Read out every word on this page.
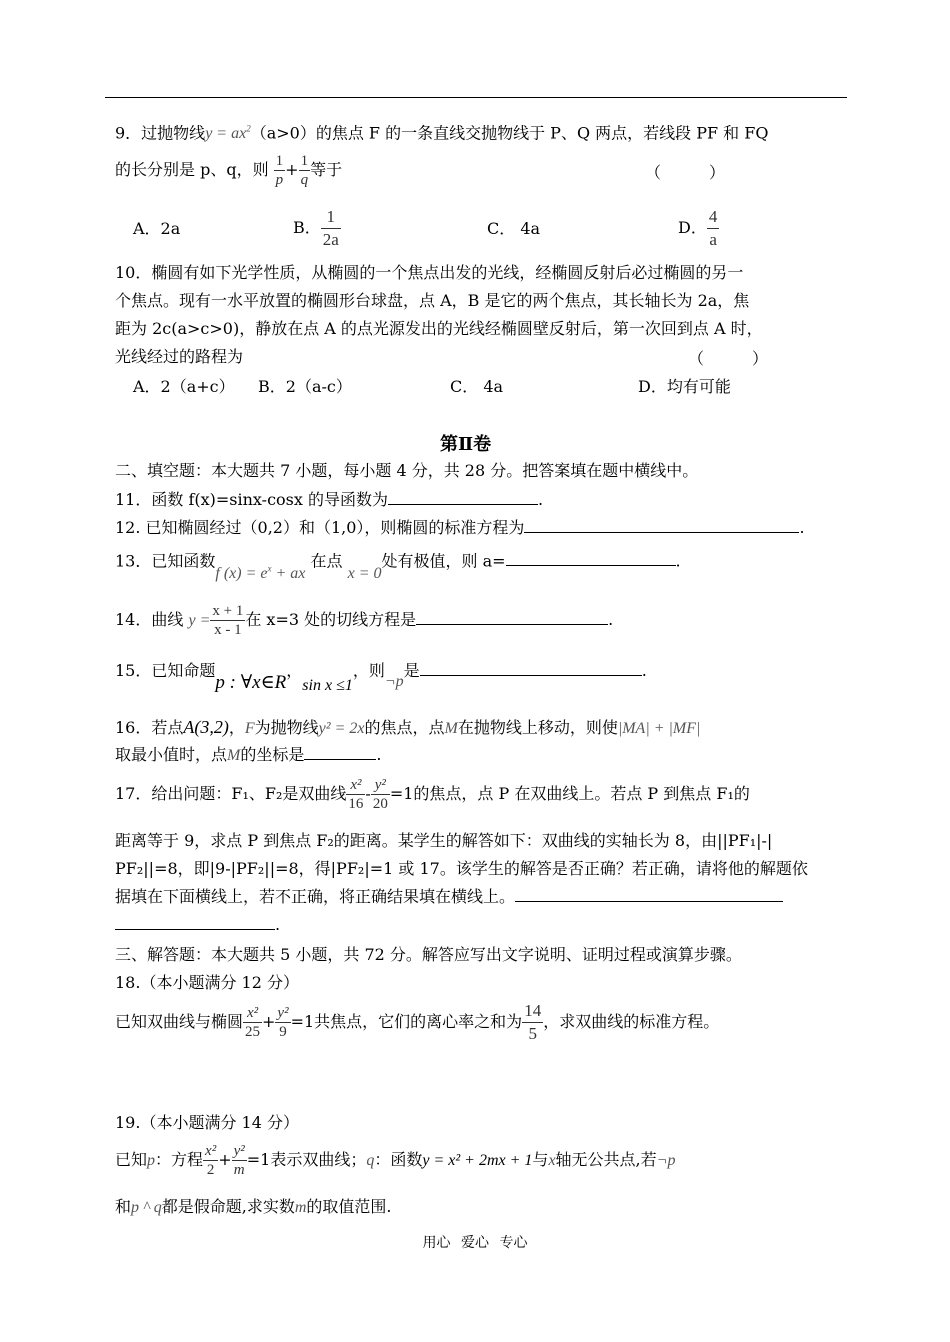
9．过抛物线$y = ax^2(a>0)$的焦点 F 的一条直线交抛物线于 P、Q 两点，若线段 PF 和 FQ
的长分别是 p、q，则 $\frac{1}{p} + \frac{1}{q}$ 等于	（　　　）
A．2a	B． $\frac{1}{2a}$	C． 4a	D． $\frac{4}{a}$
10．椭圆有如下光学性质，从椭圆的一个焦点出发的光线，经椭圆反射后必过椭圆的另一
个焦点。现有一水平放置的椭圆形台球盘，点 A，B 是它的两个焦点，其长轴长为 2a，焦
距为 2c(a>c>0)，静放在点 A 的点光源发出的光线经椭圆壁反射后，第一次回到点 A 时，
光线经过的路程为	（　　　）
A．2（a+c） B．2（a-c）	C． 4a	D．均有可能
第Ⅱ卷
二、填空题：本大题共 7 小题，每小题 4 分，共 28 分。把答案填在题中横线中。
11．函数 f(x)=sinx-cosx 的导函数为	.
12. 已知椭圆经过（0,2）和（1,0），则椭圆的标准方程为	.
13．已知函数f $(x) = e^x$ + ax 在点 x = 0处有极值，则 a=	.
14．曲线 $y = \frac{x + 1}{x - 1}$ 在 x=3 处的切线方程是	.
15．已知命题p : ∀x∈R，sin x ≤1，则¬p是	.
16．若点A(3,2)，F为抛物线y² = 2x的焦点，点M在抛物线上移动，则使|MA| + |MF|
取最小值时，点M的坐标是	.
17．给出问题：F₁、F₂是双曲线 $\frac{\text{x²}}{16} - \frac{\text{y²}}{20} =1$的焦点，点 P 在双曲线上。若点 P 到焦点 F₁的
距离等于 9，求点 P 到焦点 F₂的距离。某学生的解答如下：双曲线的实轴长为 8，由||PF₁|-|
PF₂||=8，即|9-|PF₂||=8，得|PF₂|=1 或 17。该学生的解答是否正确？若正确，请将他的解题依
据填在下面横线上，若不正确，将正确结果填在横线上。
.
三、解答题：本大题共 5 小题，共 72 分。解答应写出文字说明、证明过程或演算步骤。
18.（本小题满分 12 分）
已知双曲线与椭圆 $\frac{\text{x²}}{25} + \frac{\text{y²}}{9} =1$共焦点，它们的离心率之和为 $\frac{14}{5}$ ，求双曲线的标准方程。
19.（本小题满分 14 分）
已知p：方程 $\frac{\text{x²}}{2} + \frac{\text{y²}}{m} =1$表示双曲线；q：函数y = x² + 2mx + 1与x轴无公共点,若¬p
和p ^ q都是假命题,求实数m的取值范围.
用心 爱心 专心
